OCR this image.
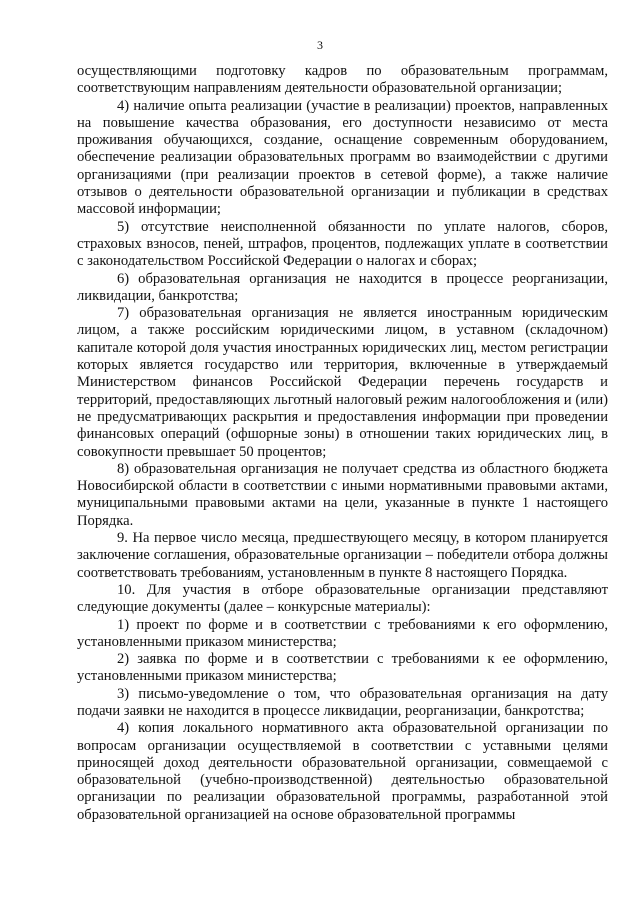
3

осуществляющими подготовку кадров по образовательным программам, соответствующим направлениям деятельности образовательной организации;

4) наличие опыта реализации (участие в реализации) проектов, направленных на повышение качества образования, его доступности независимо от места проживания обучающихся, создание, оснащение современным оборудованием, обеспечение реализации образовательных программ во взаимодействии с другими организациями (при реализации проектов в сетевой форме), а также наличие отзывов о деятельности образовательной организации и публикации в средствах массовой информации;

5) отсутствие неисполненной обязанности по уплате налогов, сборов, страховых взносов, пеней, штрафов, процентов, подлежащих уплате в соответствии с законодательством Российской Федерации о налогах и сборах;

6) образовательная организация не находится в процессе реорганизации, ликвидации, банкротства;

7) образовательная организация не является иностранным юридическим лицом, а также российским юридическими лицом, в уставном (складочном) капитале которой доля участия иностранных юридических лиц, местом регистрации которых является государство или территория, включенные в утверждаемый Министерством финансов Российской Федерации перечень государств и территорий, предоставляющих льготный налоговый режим налогообложения и (или) не предусматривающих раскрытия и предоставления информации при проведении финансовых операций (офшорные зоны) в отношении таких юридических лиц, в совокупности превышает 50 процентов;

8) образовательная организация не получает средства из областного бюджета Новосибирской области в соответствии с иными нормативными правовыми актами, муниципальными правовыми актами на цели, указанные в пункте 1 настоящего Порядка.

9. На первое число месяца, предшествующего месяцу, в котором планируется заключение соглашения, образовательные организации – победители отбора должны соответствовать требованиям, установленным в пункте 8 настоящего Порядка.

10. Для участия в отборе образовательные организации представляют следующие документы (далее – конкурсные материалы):

1) проект по форме и в соответствии с требованиями к его оформлению, установленными приказом министерства;

2) заявка по форме и в соответствии с требованиями к ее оформлению, установленными приказом министерства;

3) письмо-уведомление о том, что образовательная организация на дату подачи заявки не находится в процессе ликвидации, реорганизации, банкротства;

4) копия локального нормативного акта образовательной организации по вопросам организации осуществляемой в соответствии с уставными целями приносящей доход деятельности образовательной организации, совмещаемой с образовательной (учебно-производственной) деятельностью образовательной организации по реализации образовательной программы, разработанной этой образовательной организацией на основе образовательной программы
